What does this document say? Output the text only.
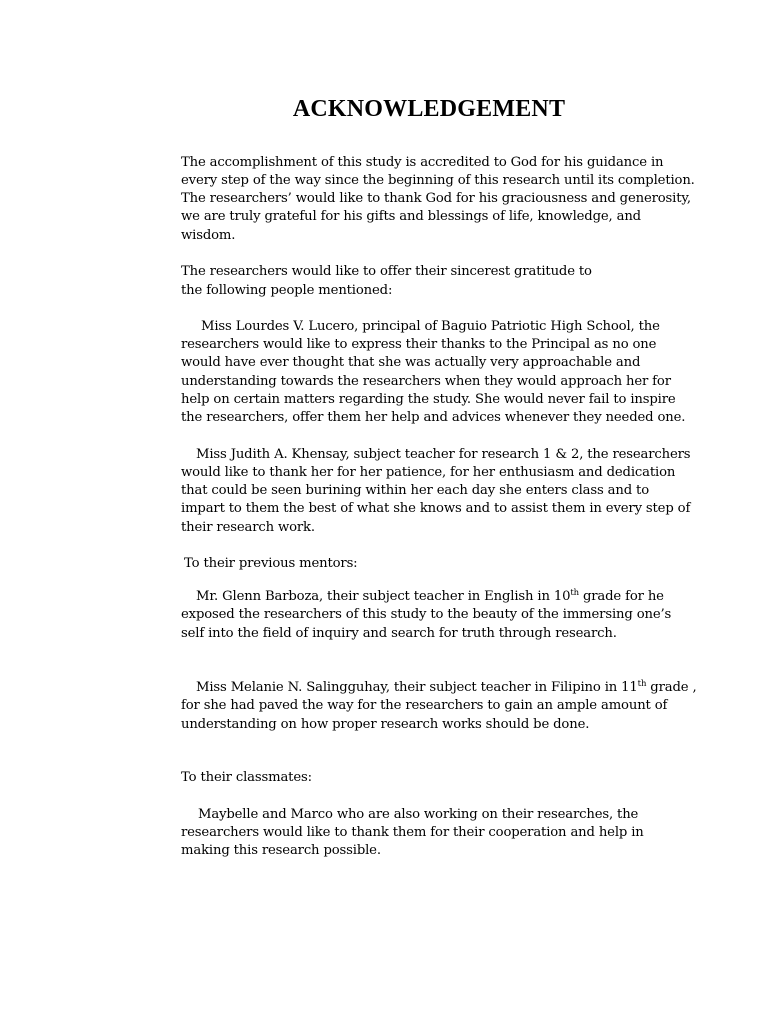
ACKNOWLEDGEMENT
The accomplishment of this study is accredited to God for his guidance in
every step of the way since the beginning of this research until its completion.
The researchers’ would like to thank God for his graciousness and generosity,
we are truly grateful for his gifts and blessings of life, knowledge, and
wisdom.
The researchers would like to offer their sincerest gratitude to
the following people mentioned:
Miss Lourdes V. Lucero, principal of Baguio Patriotic High School, the
researchers would like to express their thanks to the Principal as no one
would have ever thought that she was actually very approachable and
understanding towards the researchers when they would approach her for
help on certain matters regarding the study. She would never fail to inspire
the researchers, offer them her help and advices whenever they needed one.
Miss Judith A. Khensay, subject teacher for research 1 & 2, the researchers
would like to thank her for her patience, for her enthusiasm and dedication
that could be seen burining within her each day she enters class and to
impart to them the best of what she knows and to assist them in every step of
their research work.
To their previous mentors:
Mr. Glenn Barboza, their subject teacher in English in 10th grade for he
exposed the researchers of this study to the beauty of the immersing one’s
self into the field of inquiry and search for truth through research.
Miss Melanie N. Salingguhay, their subject teacher in Filipino in 11th grade ,
for she had paved the way for the researchers to gain an ample amount of
understanding on how proper research works should be done.
To their classmates:
Maybelle and Marco who are also working on their researches, the
researchers would like to thank them for their cooperation and help in
making this research possible.
